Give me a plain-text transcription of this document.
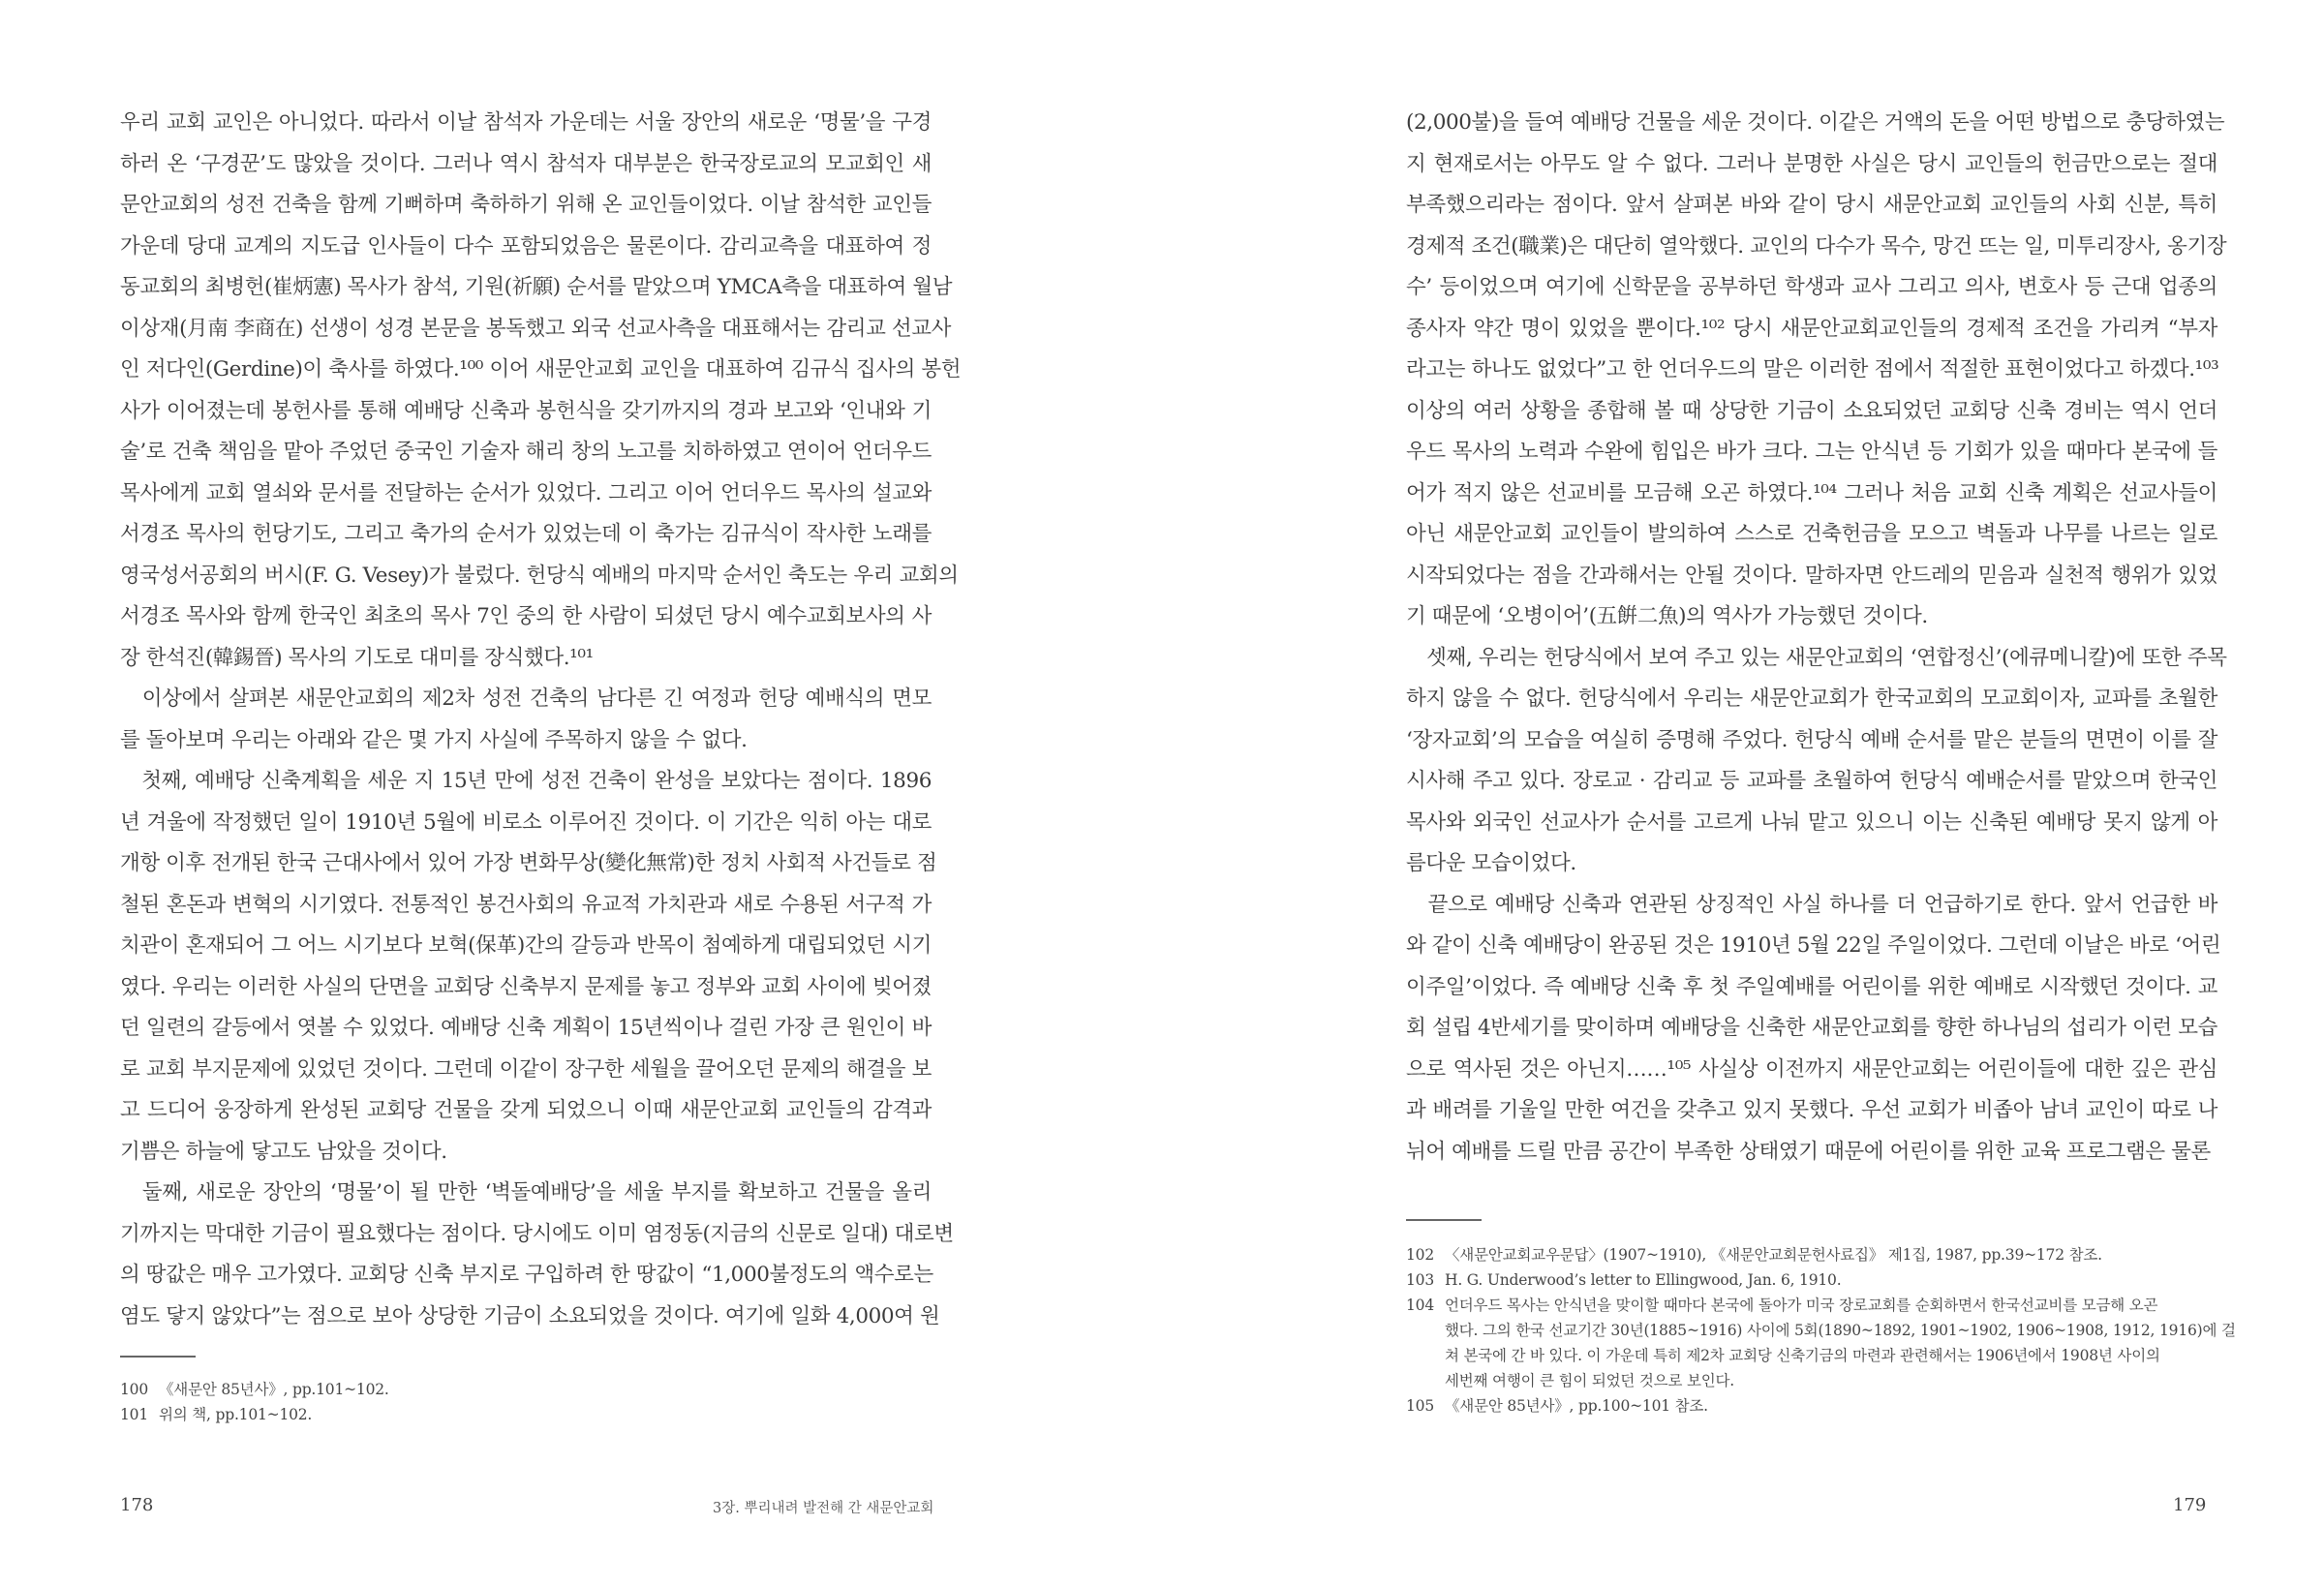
우리 교회 교인은 아니었다. 따라서 이날 참석자 가운데는 서울 장안의 새로운 ‘명물’을 구경
하러 온 ‘구경꾼’도 많았을 것이다. 그러나 역시 참석자 대부분은 한국장로교의 모교회인 새
문안교회의 성전 건축을 함께 기뻐하며 축하하기 위해 온 교인들이었다. 이날 참석한 교인들
가운데 당대 교계의 지도급 인사들이 다수 포함되었음은 물론이다. 감리교측을 대표하여 정
동교회의 최병헌(崔炳憲) 목사가 참석, 기원(祈願) 순서를 맡았으며 YMCA측을 대표하여 월남
이상재(月南 李商在) 선생이 성경 본문을 봉독했고 외국 선교사측을 대표해서는 감리교 선교사
인 저다인(Gerdine)이 축사를 하였다.¹⁰⁰ 이어 새문안교회 교인을 대표하여 김규식 집사의 봉헌
사가 이어졌는데 봉헌사를 통해 예배당 신축과 봉헌식을 갖기까지의 경과 보고와 ‘인내와 기
술’로 건축 책임을 맡아 주었던 중국인 기술자 해리 창의 노고를 치하하였고 연이어 언더우드
목사에게 교회 열쇠와 문서를 전달하는 순서가 있었다. 그리고 이어 언더우드 목사의 설교와
서경조 목사의 헌당기도, 그리고 축가의 순서가 있었는데 이 축가는 김규식이 작사한 노래를
영국성서공회의 버시(F. G. Vesey)가 불렀다. 헌당식 예배의 마지막 순서인 축도는 우리 교회의
서경조 목사와 함께 한국인 최초의 목사 7인 중의 한 사람이 되셨던 당시 예수교회보사의 사
장 한석진(韓錫晉) 목사의 기도로 대미를 장식했다.¹⁰¹
　이상에서 살펴본 새문안교회의 제2차 성전 건축의 남다른 긴 여정과 헌당 예배식의 면모
를 돌아보며 우리는 아래와 같은 몇 가지 사실에 주목하지 않을 수 없다.
　첫째, 예배당 신축계획을 세운 지 15년 만에 성전 건축이 완성을 보았다는 점이다. 1896
년 겨울에 작정했던 일이 1910년 5월에 비로소 이루어진 것이다. 이 기간은 익히 아는 대로
개항 이후 전개된 한국 근대사에서 있어 가장 변화무상(變化無常)한 정치 사회적 사건들로 점
철된 혼돈과 변혁의 시기였다. 전통적인 봉건사회의 유교적 가치관과 새로 수용된 서구적 가
치관이 혼재되어 그 어느 시기보다 보혁(保革)간의 갈등과 반목이 첨예하게 대립되었던 시기
였다. 우리는 이러한 사실의 단면을 교회당 신축부지 문제를 놓고 정부와 교회 사이에 빚어졌
던 일련의 갈등에서 엿볼 수 있었다. 예배당 신축 계획이 15년씩이나 걸린 가장 큰 원인이 바
로 교회 부지문제에 있었던 것이다. 그런데 이같이 장구한 세월을 끌어오던 문제의 해결을 보
고 드디어 웅장하게 완성된 교회당 건물을 갖게 되었으니 이때 새문안교회 교인들의 감격과
기쁨은 하늘에 닿고도 남았을 것이다.
　둘째, 새로운 장안의 ‘명물’이 될 만한 ‘벽돌예배당’을 세울 부지를 확보하고 건물을 올리
기까지는 막대한 기금이 필요했다는 점이다. 당시에도 이미 염정동(지금의 신문로 일대) 대로변
의 땅값은 매우 고가였다. 교회당 신축 부지로 구입하려 한 땅값이 “1,000불정도의 액수로는
염도 닿지 않았다”는 점으로 보아 상당한 기금이 소요되었을 것이다. 여기에 일화 4,000여 원
100 《새문안 85년사》, pp.101~102.
101 위의 책, pp.101~102.
178	3장. 뿌리내려 발전해 간 새문안교회
(2,000불)을 들여 예배당 건물을 세운 것이다. 이같은 거액의 돈을 어떤 방법으로 충당하였는
지 현재로서는 아무도 알 수 없다. 그러나 분명한 사실은 당시 교인들의 헌금만으로는 절대
부족했으리라는 점이다. 앞서 살펴본 바와 같이 당시 새문안교회 교인들의 사회 신분, 특히
경제적 조건(職業)은 대단히 열악했다. 교인의 다수가 목수, 망건 뜨는 일, 미투리장사, 옹기장
수’ 등이었으며 여기에 신학문을 공부하던 학생과 교사 그리고 의사, 변호사 등 근대 업종의
종사자 약간 명이 있었을 뿐이다.¹⁰² 당시 새문안교회교인들의 경제적 조건을 가리켜 “부자
라고는 하나도 없었다”고 한 언더우드의 말은 이러한 점에서 적절한 표현이었다고 하겠다.¹⁰³
이상의 여러 상황을 종합해 볼 때 상당한 기금이 소요되었던 교회당 신축 경비는 역시 언더
우드 목사의 노력과 수완에 힘입은 바가 크다. 그는 안식년 등 기회가 있을 때마다 본국에 들
어가 적지 않은 선교비를 모금해 오곤 하였다.¹⁰⁴ 그러나 처음 교회 신축 계획은 선교사들이
아닌 새문안교회 교인들이 발의하여 스스로 건축헌금을 모으고 벽돌과 나무를 나르는 일로
시작되었다는 점을 간과해서는 안될 것이다. 말하자면 안드레의 믿음과 실천적 행위가 있었
기 때문에 ‘오병이어’(五餠二魚)의 역사가 가능했던 것이다.
　셋째, 우리는 헌당식에서 보여 주고 있는 새문안교회의 ‘연합정신’(에큐메니칼)에 또한 주목
하지 않을 수 없다. 헌당식에서 우리는 새문안교회가 한국교회의 모교회이자, 교파를 초월한
‘장자교회’의 모습을 여실히 증명해 주었다. 헌당식 예배 순서를 맡은 분들의 면면이 이를 잘
시사해 주고 있다. 장로교 · 감리교 등 교파를 초월하여 헌당식 예배순서를 맡았으며 한국인
목사와 외국인 선교사가 순서를 고르게 나눠 맡고 있으니 이는 신축된 예배당 못지 않게 아
름다운 모습이었다.
　끝으로 예배당 신축과 연관된 상징적인 사실 하나를 더 언급하기로 한다. 앞서 언급한 바
와 같이 신축 예배당이 완공된 것은 1910년 5월 22일 주일이었다. 그런데 이날은 바로 ‘어린
이주일’이었다. 즉 예배당 신축 후 첫 주일예배를 어린이를 위한 예배로 시작했던 것이다. 교
회 설립 4반세기를 맞이하며 예배당을 신축한 새문안교회를 향한 하나님의 섭리가 이런 모습
으로 역사된 것은 아닌지……¹⁰⁵ 사실상 이전까지 새문안교회는 어린이들에 대한 깊은 관심
과 배려를 기울일 만한 여건을 갖추고 있지 못했다. 우선 교회가 비좁아 남녀 교인이 따로 나
뉘어 예배를 드릴 만큼 공간이 부족한 상태였기 때문에 어린이를 위한 교육 프로그램은 물론
102 〈새문안교회교우문답〉(1907~1910), 《새문안교회문헌사료집》 제1집, 1987, pp.39~172 참조.
103 H. G. Underwood’s letter to Ellingwood, Jan. 6, 1910.
104 언더우드 목사는 안식년을 맞이할 때마다 본국에 돌아가 미국 장로교회를 순회하면서 한국선교비를 모금해 오곤
했다. 그의 한국 선교기간 30년(1885~1916) 사이에 5회(1890~1892, 1901~1902, 1906~1908, 1912, 1916)에 걸
쳐 본국에 간 바 있다. 이 가운데 특히 제2차 교회당 신축기금의 마련과 관련해서는 1906년에서 1908년 사이의
세번째 여행이 큰 힘이 되었던 것으로 보인다.
105 《새문안 85년사》, pp.100~101 참조.
179
